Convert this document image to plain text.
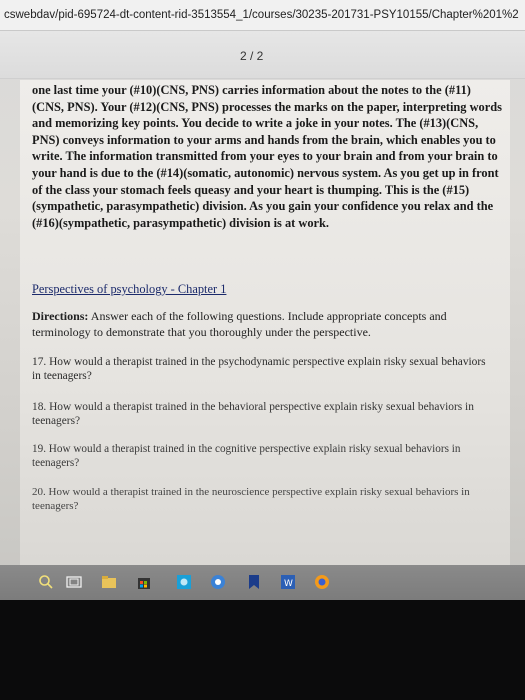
cswebdav/pid-695724-dt-content-rid-3513554_1/courses/30235-201731-PSY10155/Chapter%201%2
2 / 2
one last time your (#10)(CNS, PNS) carries information about the notes to the (#11)(CNS, PNS). Your (#12)(CNS, PNS) processes the marks on the paper, interpreting words and memorizing key points. You decide to write a joke in your notes. The (#13)(CNS, PNS) conveys information to your arms and hands from the brain, which enables you to write. The information transmitted from your eyes to your brain and from your brain to your hand is due to the (#14)(somatic, autonomic) nervous system. As you get up in front of the class your stomach feels queasy and your heart is thumping. This is the (#15)(sympathetic, parasympathetic) division. As you gain your confidence you relax and the (#16)(sympathetic, parasympathetic) division is at work.
Perspectives of psychology - Chapter 1
Directions: Answer each of the following questions. Include appropriate concepts and terminology to demonstrate that you thoroughly under the perspective.
17. How would a therapist trained in the psychodynamic perspective explain risky sexual behaviors in teenagers?
18. How would a therapist trained in the behavioral perspective explain risky sexual behaviors in teenagers?
19. How would a therapist trained in the cognitive perspective explain risky sexual behaviors in teenagers?
20. How would a therapist trained in the neuroscience perspective explain risky sexual behaviors in teenagers?
W
